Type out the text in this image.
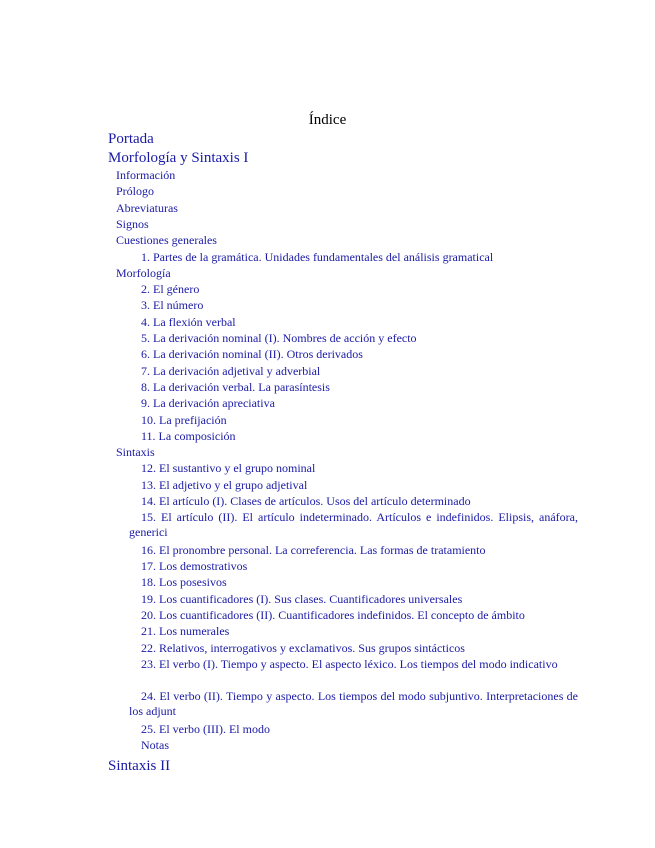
Índice
Portada
Morfología y Sintaxis I
Información
Prólogo
Abreviaturas
Signos
Cuestiones generales
1. Partes de la gramática. Unidades fundamentales del análisis gramatical
Morfología
2. El género
3. El número
4. La flexión verbal
5. La derivación nominal (I). Nombres de acción y efecto
6. La derivación nominal (II). Otros derivados
7. La derivación adjetival y adverbial
8. La derivación verbal. La parasíntesis
9. La derivación apreciativa
10. La prefijación
11. La composición
Sintaxis
12. El sustantivo y el grupo nominal
13. El adjetivo y el grupo adjetival
14. El artículo (I). Clases de artículos. Usos del artículo determinado
15. El artículo (II). El artículo indeterminado. Artículos e indefinidos. Elipsis, anáfora, generici
16. El pronombre personal. La correferencia. Las formas de tratamiento
17. Los demostrativos
18. Los posesivos
19. Los cuantificadores (I). Sus clases. Cuantificadores universales
20. Los cuantificadores (II). Cuantificadores indefinidos. El concepto de ámbito
21. Los numerales
22. Relativos, interrogativos y exclamativos. Sus grupos sintácticos
23. El verbo (I). Tiempo y aspecto. El aspecto léxico. Los tiempos del modo indicativo
24. El verbo (II). Tiempo y aspecto. Los tiempos del modo subjuntivo. Interpretaciones de los adjunt
25. El verbo (III). El modo
Notas
Sintaxis II
